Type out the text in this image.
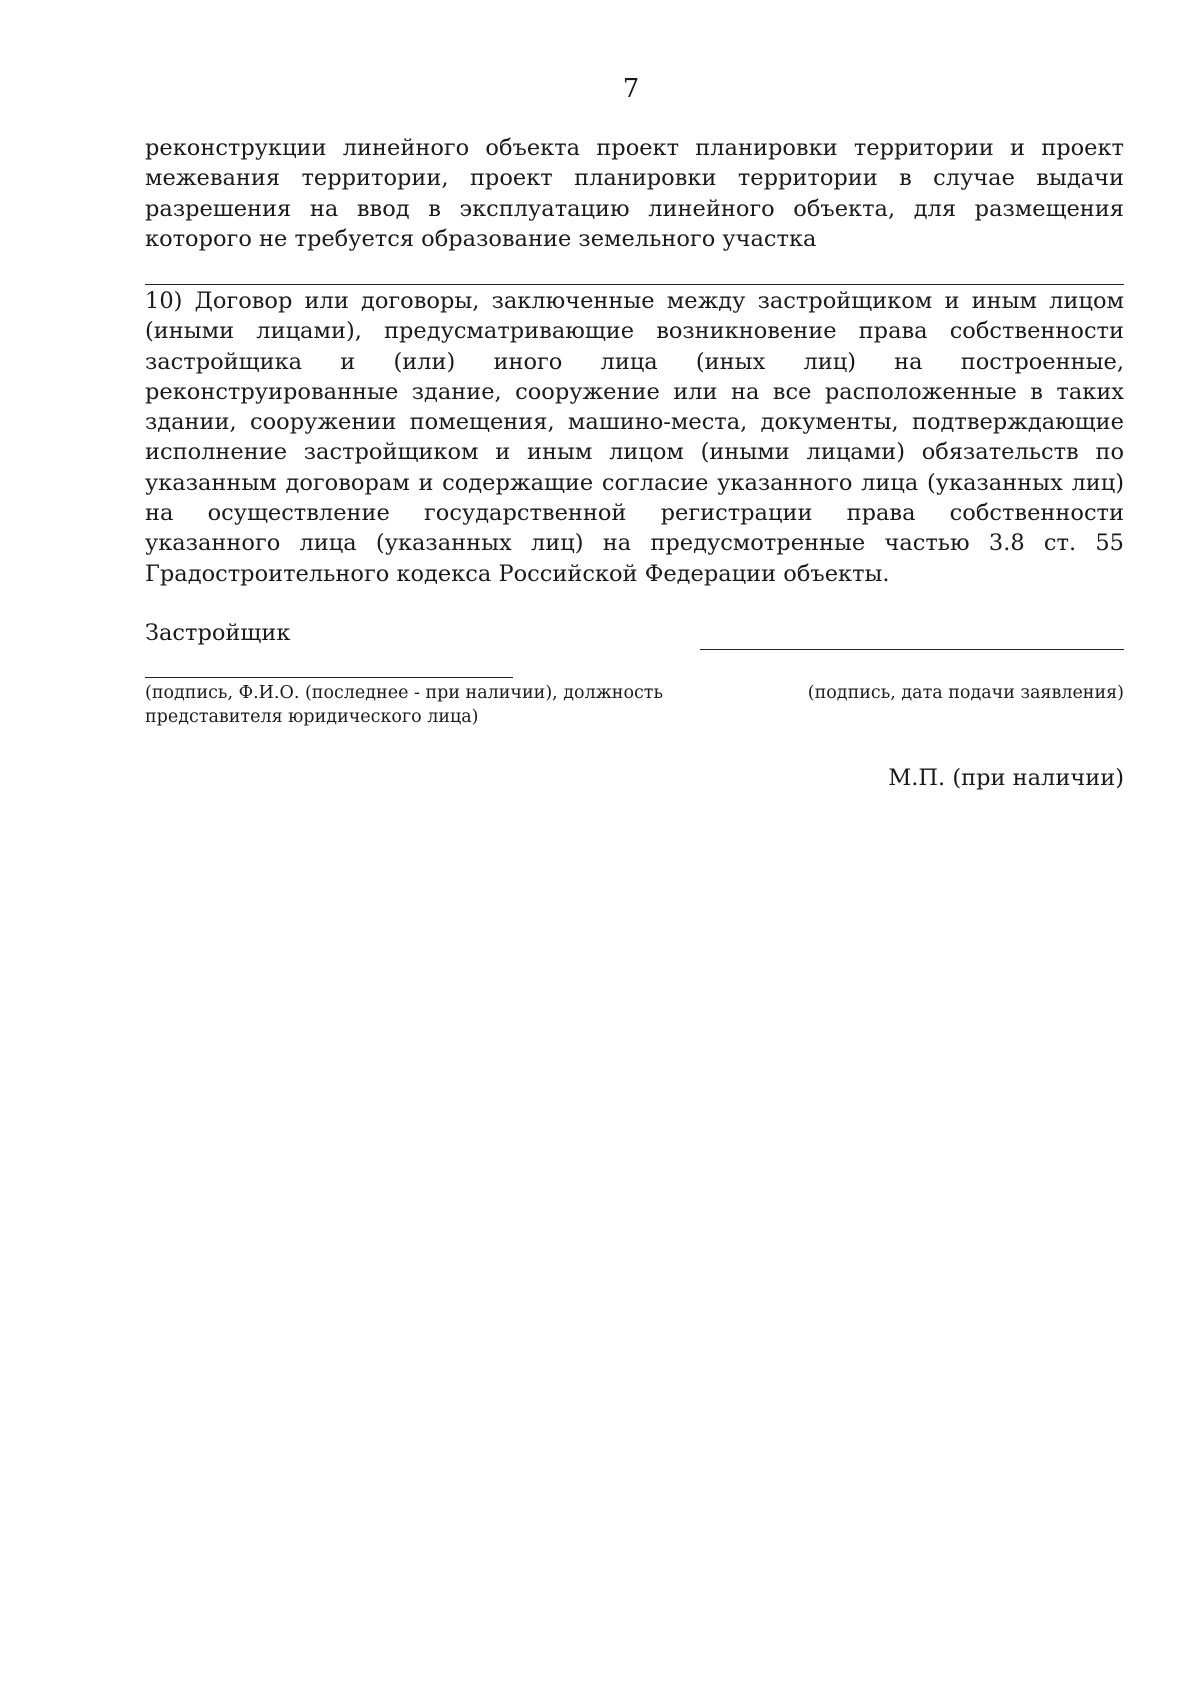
7

реконструкции линейного объекта проект планировки территории и проект межевания территории, проект планировки территории в случае выдачи разрешения на ввод в эксплуатацию линейного объекта, для размещения которого не требуется образование земельного участка

10) Договор или договоры, заключенные между застройщиком и иным лицом (иными лицами), предусматривающие возникновение права собственности застройщика и (или) иного лица (иных лиц) на построенные, реконструированные здание, сооружение или на все расположенные в таких здании, сооружении помещения, машино-места, документы, подтверждающие исполнение застройщиком и иным лицом (иными лицами) обязательств по указанным договорам и содержащие согласие указанного лица (указанных лиц) на осуществление государственной регистрации права собственности указанного лица (указанных лиц) на предусмотренные частью 3.8 ст. 55 Градостроительного кодекса Российской Федерации объекты.

Застройщик
(подпись, Ф.И.О. (последнее - при наличии), должность представителя юридического лица)
(подпись, дата подачи заявления)
М.П. (при наличии)
